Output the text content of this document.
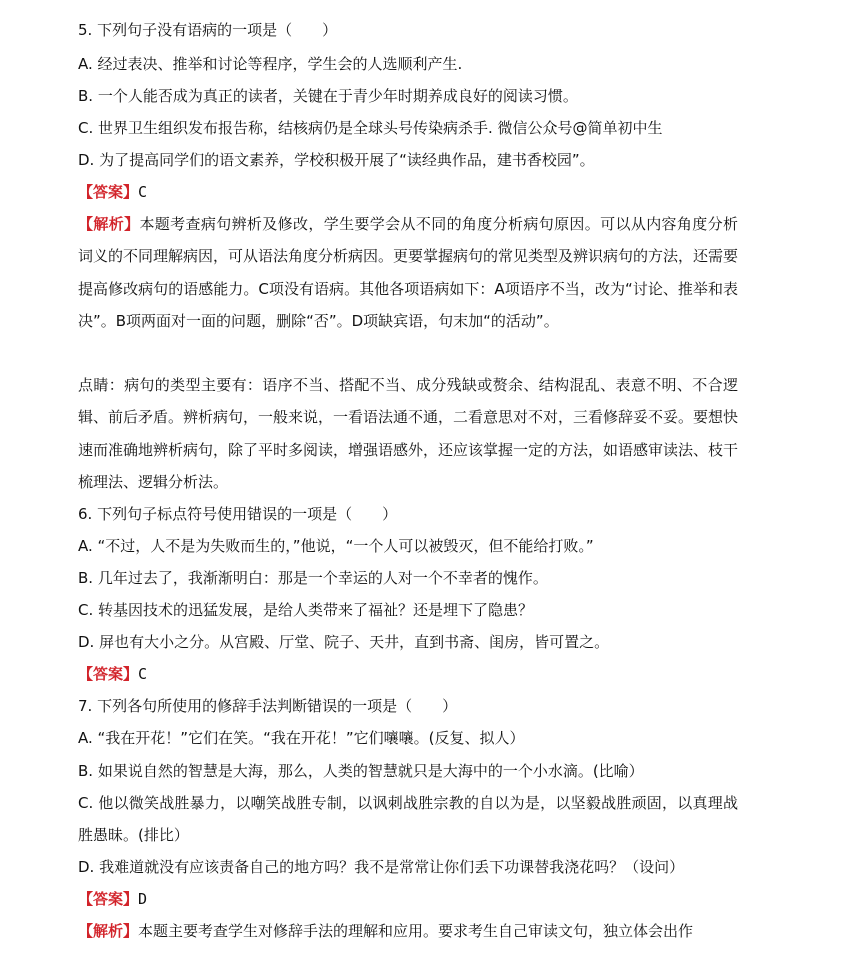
5. 下列句子没有语病的一项是（　　）
A. 经过表决、推举和讨论等程序，学生会的人选顺利产生.
B. 一个人能否成为真正的读者，关键在于青少年时期养成良好的阅读习惯。
C. 世界卫生组织发布报告称，结核病仍是全球头号传染病杀手. 微信公众号@简单初中生
D. 为了提高同学们的语文素养，学校积极开展了“读经典作品，建书香校园”。
【答案】C
【解析】本题考查病句辨析及修改，学生要学会从不同的角度分析病句原因。可以从内容角度分析词义的不同理解病因，可从语法角度分析病因。更要掌握病句的常见类型及辨识病句的方法，还需要提高修改病句的语感能力。C项没有语病。其他各项语病如下：A项语序不当，改为“讨论、推举和表决”。B项两面对一面的问题，删除“否”。D项缺宾语，句末加“的活动”。
点睛：病句的类型主要有：语序不当、搭配不当、成分残缺或赘余、结构混乱、表意不明、不合逻辑、前后矛盾。辨析病句，一般来说，一看语法通不通，二看意思对不对，三看修辞妥不妥。要想快速而准确地辨析病句，除了平时多阅读，增强语感外，还应该掌握一定的方法，如语感审读法、枝干梳理法、逻辑分析法。
6. 下列句子标点符号使用错误的一项是（　　）
A. “不过，人不是为失败而生的，”他说，“一个人可以被毁灭，但不能给打败。”
B. 几年过去了，我渐渐明白：那是一个幸运的人对一个不幸者的愧作。
C. 转基因技术的迅猛发展，是给人类带来了福祉？还是埋下了隐患？
D. 屏也有大小之分。从宫殿、厅堂、院子、天井，直到书斋、闺房，皆可置之。
【答案】C
7. 下列各句所使用的修辞手法判断错误的一项是（　　）
A. “我在开花！”它们在笑。“我在开花！”它们嚷嚷。(反复、拟人）
B. 如果说自然的智慧是大海，那么，人类的智慧就只是大海中的一个小水滴。(比喻）
C. 他以微笑战胜暴力，以嘲笑战胜专制，以讽刺战胜宗教的自以为是，以坚毅战胜顽固，以真理战胜愚昧。(排比）
D. 我难道就没有应该责备自己的地方吗？我不是常常让你们丢下功课替我浇花吗？（设问）
【答案】D
【解析】本题主要考查学生对修辞手法的理解和应用。要求考生自己审读文句，独立体会出作
